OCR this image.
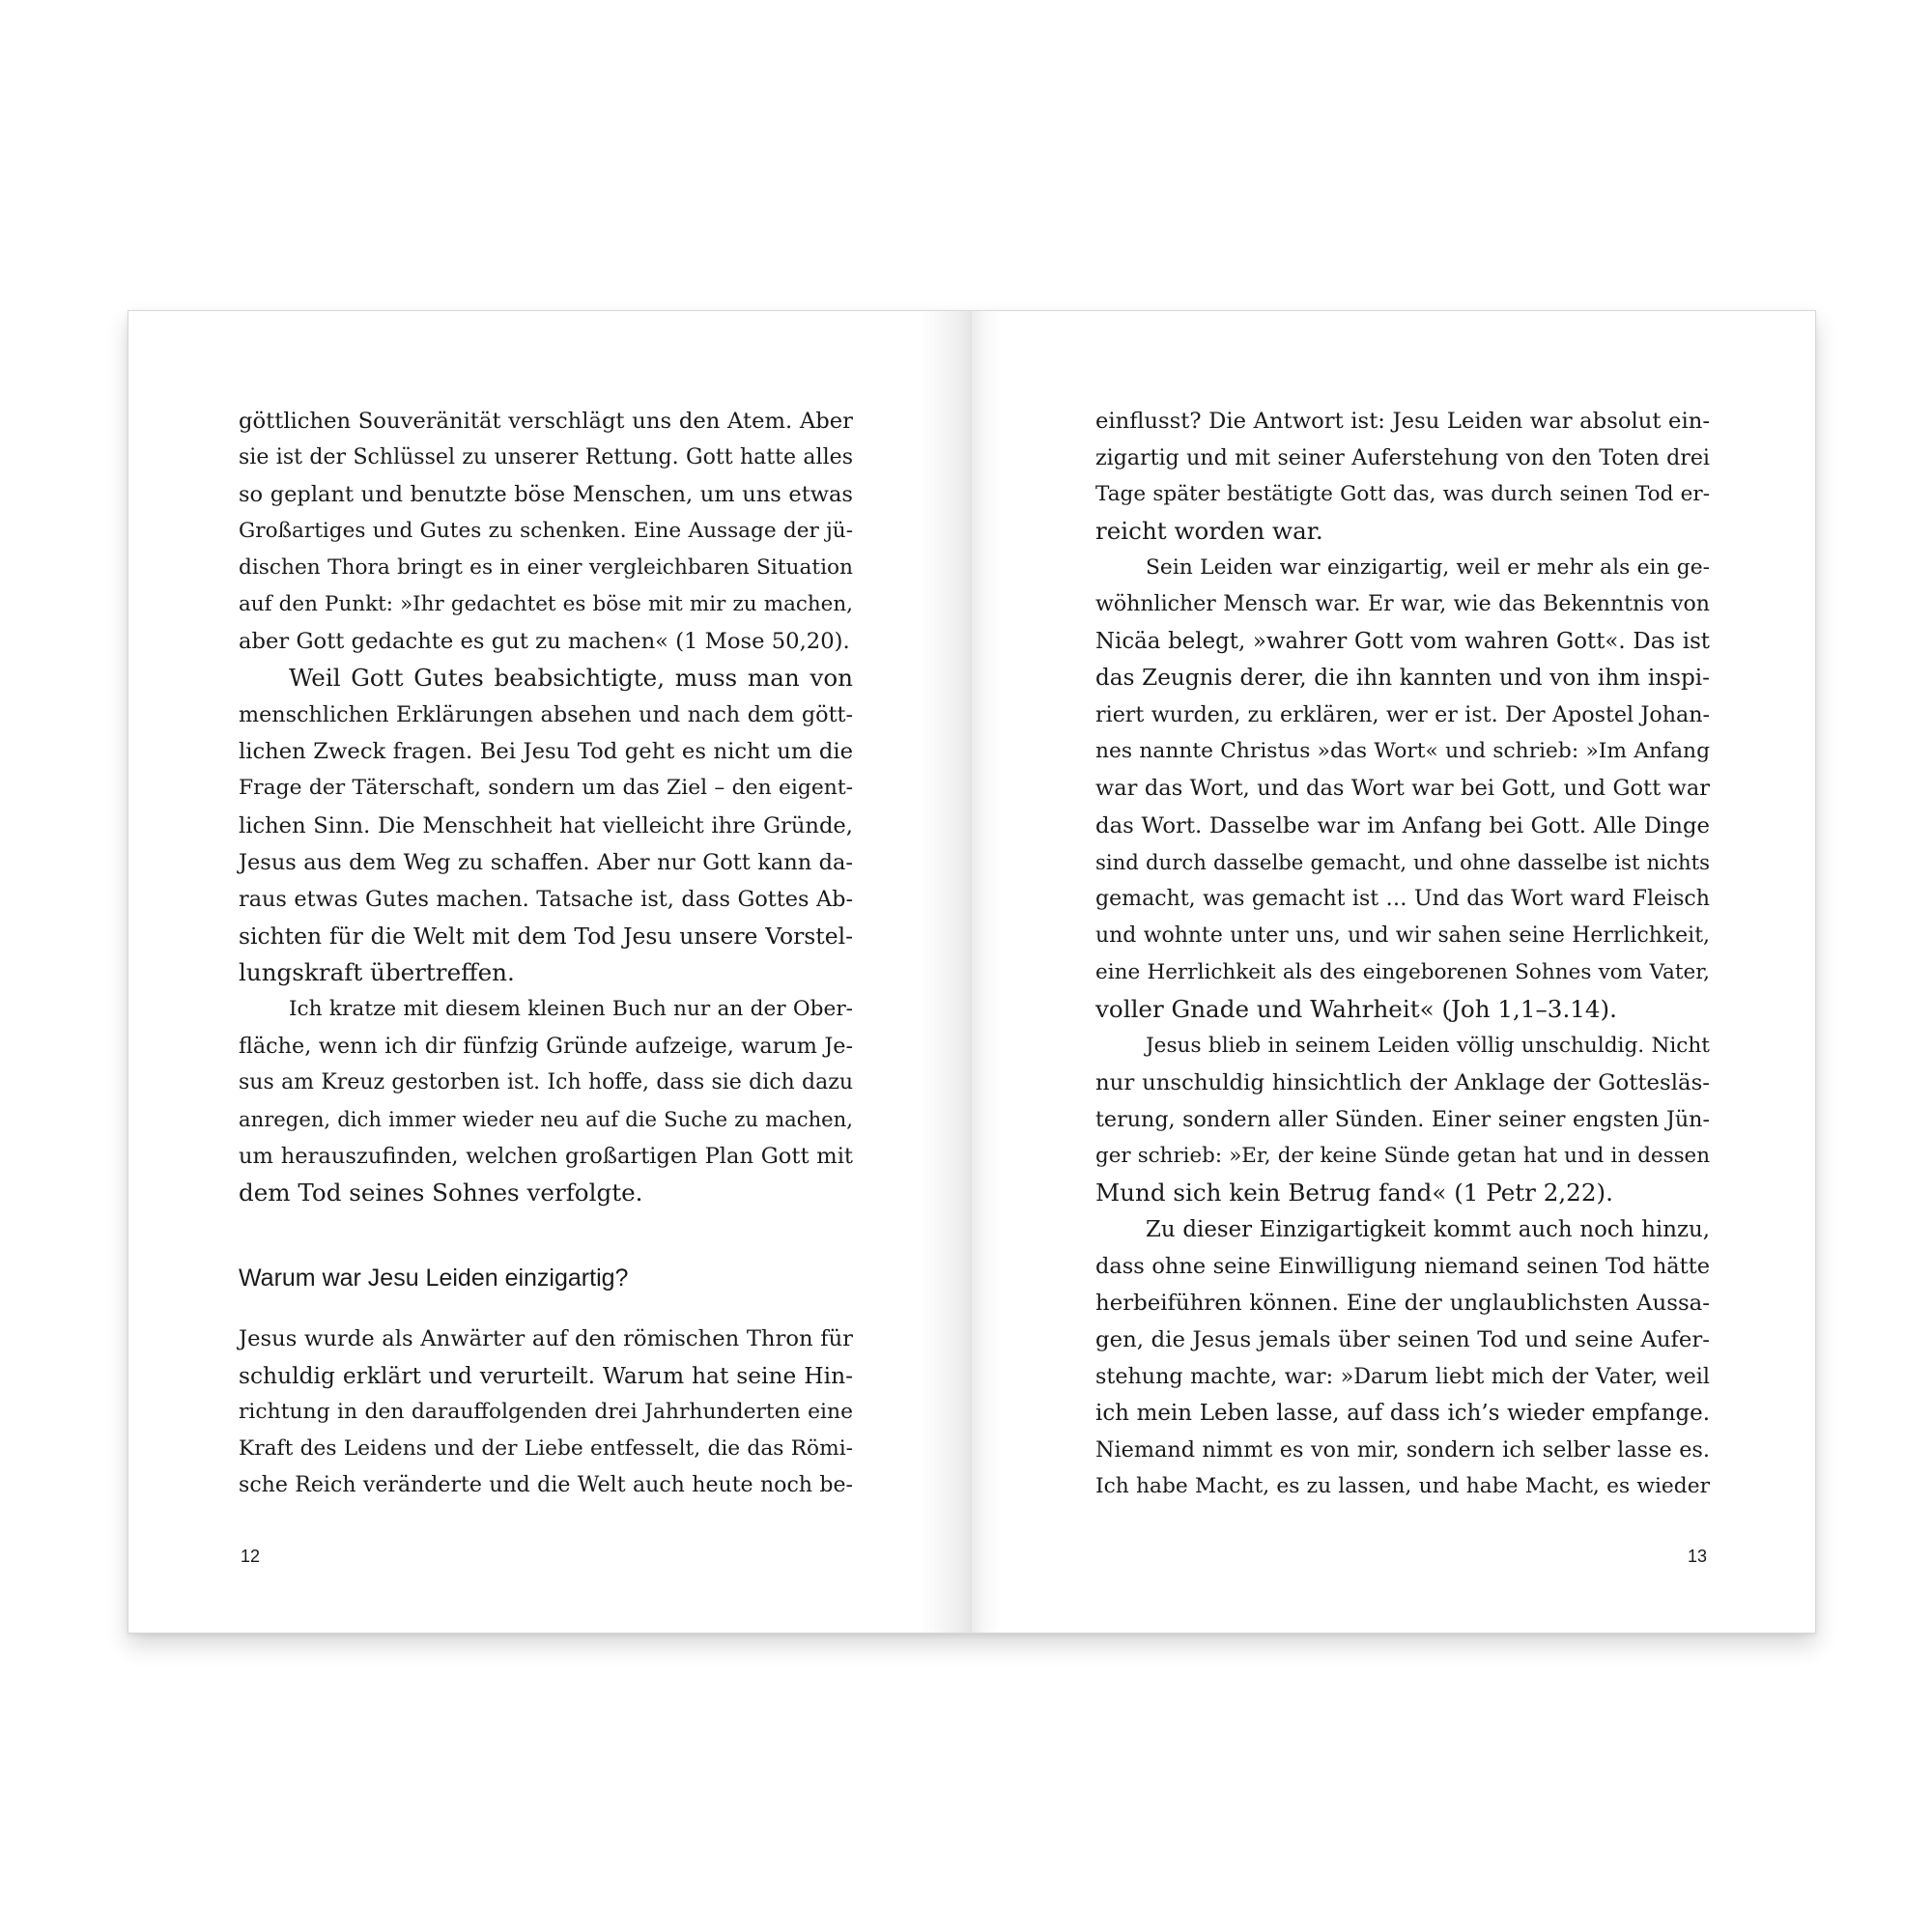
göttlichen Souveränität verschlägt uns den Atem. Aber
sie ist der Schlüssel zu unserer Rettung. Gott hatte alles
so geplant und benutzte böse Menschen, um uns etwas
Großartiges und Gutes zu schenken. Eine Aussage der jü-
dischen Thora bringt es in einer vergleichbaren Situation
auf den Punkt: »Ihr gedachtet es böse mit mir zu machen,
aber Gott gedachte es gut zu machen« (1 Mose 50,20).
Weil Gott Gutes beabsichtigte, muss man von
menschlichen Erklärungen absehen und nach dem gött-
lichen Zweck fragen. Bei Jesu Tod geht es nicht um die
Frage der Täterschaft, sondern um das Ziel – den eigent-
lichen Sinn. Die Menschheit hat vielleicht ihre Gründe,
Jesus aus dem Weg zu schaffen. Aber nur Gott kann da-
raus etwas Gutes machen. Tatsache ist, dass Gottes Ab-
sichten für die Welt mit dem Tod Jesu unsere Vorstel-
lungskraft übertreffen.
Ich kratze mit diesem kleinen Buch nur an der Ober-
fläche, wenn ich dir fünfzig Gründe aufzeige, warum Je-
sus am Kreuz gestorben ist. Ich hoffe, dass sie dich dazu
anregen, dich immer wieder neu auf die Suche zu machen,
um herauszufinden, welchen großartigen Plan Gott mit
dem Tod seines Sohnes verfolgte.
Warum war Jesu Leiden einzigartig?
Jesus wurde als Anwärter auf den römischen Thron für
schuldig erklärt und verurteilt. Warum hat seine Hin-
richtung in den darauffolgenden drei Jahrhunderten eine
Kraft des Leidens und der Liebe entfesselt, die das Römi-
sche Reich veränderte und die Welt auch heute noch be-
12
einflusst? Die Antwort ist: Jesu Leiden war absolut ein-
zigartig und mit seiner Auferstehung von den Toten drei
Tage später bestätigte Gott das, was durch seinen Tod er-
reicht worden war.
Sein Leiden war einzigartig, weil er mehr als ein ge-
wöhnlicher Mensch war. Er war, wie das Bekenntnis von
Nicäa belegt, »wahrer Gott vom wahren Gott«. Das ist
das Zeugnis derer, die ihn kannten und von ihm inspi-
riert wurden, zu erklären, wer er ist. Der Apostel Johan-
nes nannte Christus »das Wort« und schrieb: »Im Anfang
war das Wort, und das Wort war bei Gott, und Gott war
das Wort. Dasselbe war im Anfang bei Gott. Alle Dinge
sind durch dasselbe gemacht, und ohne dasselbe ist nichts
gemacht, was gemacht ist … Und das Wort ward Fleisch
und wohnte unter uns, und wir sahen seine Herrlichkeit,
eine Herrlichkeit als des eingeborenen Sohnes vom Vater,
voller Gnade und Wahrheit« (Joh 1,1–3.14).
Jesus blieb in seinem Leiden völlig unschuldig. Nicht
nur unschuldig hinsichtlich der Anklage der Gottesläs-
terung, sondern aller Sünden. Einer seiner engsten Jün-
ger schrieb: »Er, der keine Sünde getan hat und in dessen
Mund sich kein Betrug fand« (1 Petr 2,22).
Zu dieser Einzigartigkeit kommt auch noch hinzu,
dass ohne seine Einwilligung niemand seinen Tod hätte
herbeiführen können. Eine der unglaublichsten Aussa-
gen, die Jesus jemals über seinen Tod und seine Aufer-
stehung machte, war: »Darum liebt mich der Vater, weil
ich mein Leben lasse, auf dass ich’s wieder empfange.
Niemand nimmt es von mir, sondern ich selber lasse es.
Ich habe Macht, es zu lassen, und habe Macht, es wieder
13
